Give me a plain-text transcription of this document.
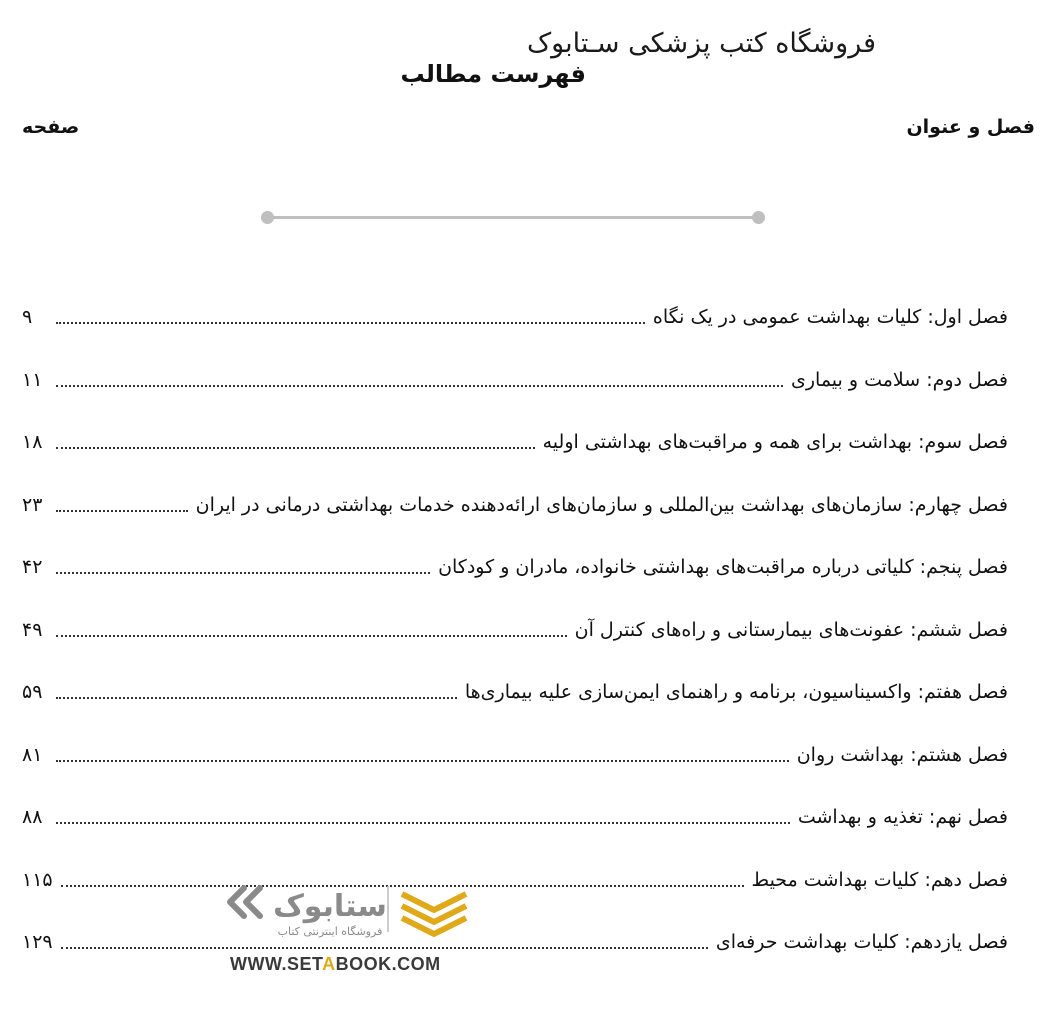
فروشگاه کتب پزشکی سـتابوک
فهرست مطالب
فصل و عنوان
صفحه
فصل اول: کلیات بهداشت عمومی در یک نگاه
۹
فصل دوم: سلامت و بیماری
۱۱
فصل سوم: بهداشت برای همه و مراقبت‌های بهداشتی اولیه
۱۸
فصل چهارم: سازمان‌های بهداشت بین‌المللی و سازمان‌های ارائه‌دهنده خدمات بهداشتی درمانی در ایران
۲۳
فصل پنجم: کلیاتی درباره مراقبت‌های بهداشتی خانواده، مادران و کودکان
۴۲
فصل ششم: عفونت‌های بیمارستانی و راه‌های کنترل آن
۴۹
فصل هفتم: واکسیناسیون، برنامه و راهنمای ایمن‌سازی علیه بیماری‌ها
۵۹
فصل هشتم: بهداشت روان
۸۱
فصل نهم: تغذیه و بهداشت
۸۸
فصل دهم: کلیات بهداشت محیط
۱۱۵
فصل یازدهم: کلیات بهداشت حرفه‌ای
۱۲۹
ستابوک
فروشگاه اینترنتی کتاب
WWW.SETABOOK.COM
